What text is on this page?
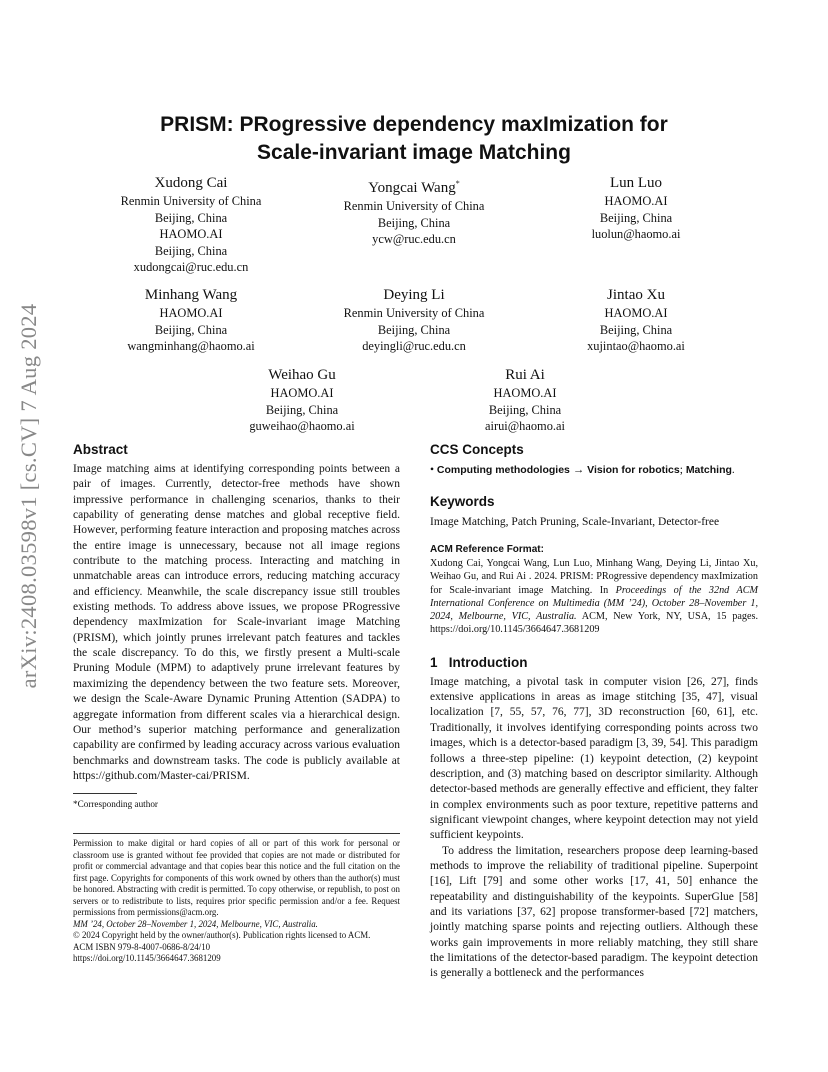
arXiv:2408.03598v1 [cs.CV] 7 Aug 2024
PRISM: PRogressive dependency maxImization for
Scale-invariant image Matching
Xudong Cai
Renmin University of China
Beijing, China
HAOMO.AI
Beijing, China
xudongcai@ruc.edu.cn
Yongcai Wang*
Renmin University of China
Beijing, China
ycw@ruc.edu.cn
Lun Luo
HAOMO.AI
Beijing, China
luolun@haomo.ai
Minhang Wang
HAOMO.AI
Beijing, China
wangminhang@haomo.ai
Deying Li
Renmin University of China
Beijing, China
deyingli@ruc.edu.cn
Jintao Xu
HAOMO.AI
Beijing, China
xujintao@haomo.ai
Weihao Gu
HAOMO.AI
Beijing, China
guweihao@haomo.ai
Rui Ai
HAOMO.AI
Beijing, China
airui@haomo.ai
Abstract

Image matching aims at identifying corresponding points between a pair of images. Currently, detector-free methods have shown impressive performance in challenging scenarios, thanks to their capability of generating dense matches and global receptive field. However, performing feature interaction and proposing matches across the entire image is unnecessary, because not all image regions contribute to the matching process. Interacting and matching in unmatchable areas can introduce errors, reducing matching accuracy and efficiency. Meanwhile, the scale discrepancy issue still troubles existing methods. To address above issues, we propose PRogressive dependency maxImization for Scale-invariant image Matching (PRISM), which jointly prunes irrelevant patch features and tackles the scale discrepancy. To do this, we firstly present a Multi-scale Pruning Module (MPM) to adaptively prune irrelevant features by maximizing the dependency between the two feature sets. Moreover, we design the Scale-Aware Dynamic Pruning Attention (SADPA) to aggregate information from different scales via a hierarchical design. Our method’s superior matching performance and generalization capability are confirmed by leading accuracy across various evaluation benchmarks and downstream tasks. The code is publicly available at https://github.com/Master-cai/PRISM.

*Corresponding author
Permission to make digital or hard copies of all or part of this work for personal or classroom use is granted without fee provided that copies are not made or distributed for profit or commercial advantage and that copies bear this notice and the full citation on the first page. Copyrights for components of this work owned by others than the author(s) must be honored. Abstracting with credit is permitted. To copy otherwise, or republish, to post on servers or to redistribute to lists, requires prior specific permission and/or a fee. Request permissions from permissions@acm.org.
MM ’24, October 28–November 1, 2024, Melbourne, VIC, Australia.
© 2024 Copyright held by the owner/author(s). Publication rights licensed to ACM.
ACM ISBN 979-8-4007-0686-8/24/10
https://doi.org/10.1145/3664647.3681209
CCS Concepts

• Computing methodologies → Vision for robotics; Matching.

Keywords

Image Matching, Patch Pruning, Scale-Invariant, Detector-free

ACM Reference Format:

Xudong Cai, Yongcai Wang, Lun Luo, Minhang Wang, Deying Li, Jintao Xu, Weihao Gu, and Rui Ai . 2024. PRISM: PRogressive dependency maxImization for Scale-invariant image Matching. In Proceedings of the 32nd ACM International Conference on Multimedia (MM ’24), October 28–November 1, 2024, Melbourne, VIC, Australia. ACM, New York, NY, USA, 15 pages. https://doi.org/10.1145/3664647.3681209

1 Introduction

Image matching, a pivotal task in computer vision [26, 27], finds extensive applications in areas as image stitching [35, 47], visual localization [7, 55, 57, 76, 77], 3D reconstruction [60, 61], etc. Traditionally, it involves identifying corresponding points across two images, which is a detector-based paradigm [3, 39, 54]. This paradigm follows a three-step pipeline: (1) keypoint detection, (2) keypoint description, and (3) matching based on descriptor similarity. Although detector-based methods are generally effective and efficient, they falter in complex environments such as poor texture, repetitive patterns and significant viewpoint changes, where keypoint detection may not yield sufficient keypoints.

To address the limitation, researchers propose deep learning-based methods to improve the reliability of traditional pipeline. Superpoint [16], Lift [79] and some other works [17, 41, 50] enhance the repeatability and distinguishability of the keypoints. SuperGlue [58] and its variations [37, 62] propose transformer-based [72] matchers, jointly matching sparse points and rejecting outliers. Although these works gain improvements in more reliably matching, they still share the limitations of the detector-based paradigm. The keypoint detection is generally a bottleneck and the performances
